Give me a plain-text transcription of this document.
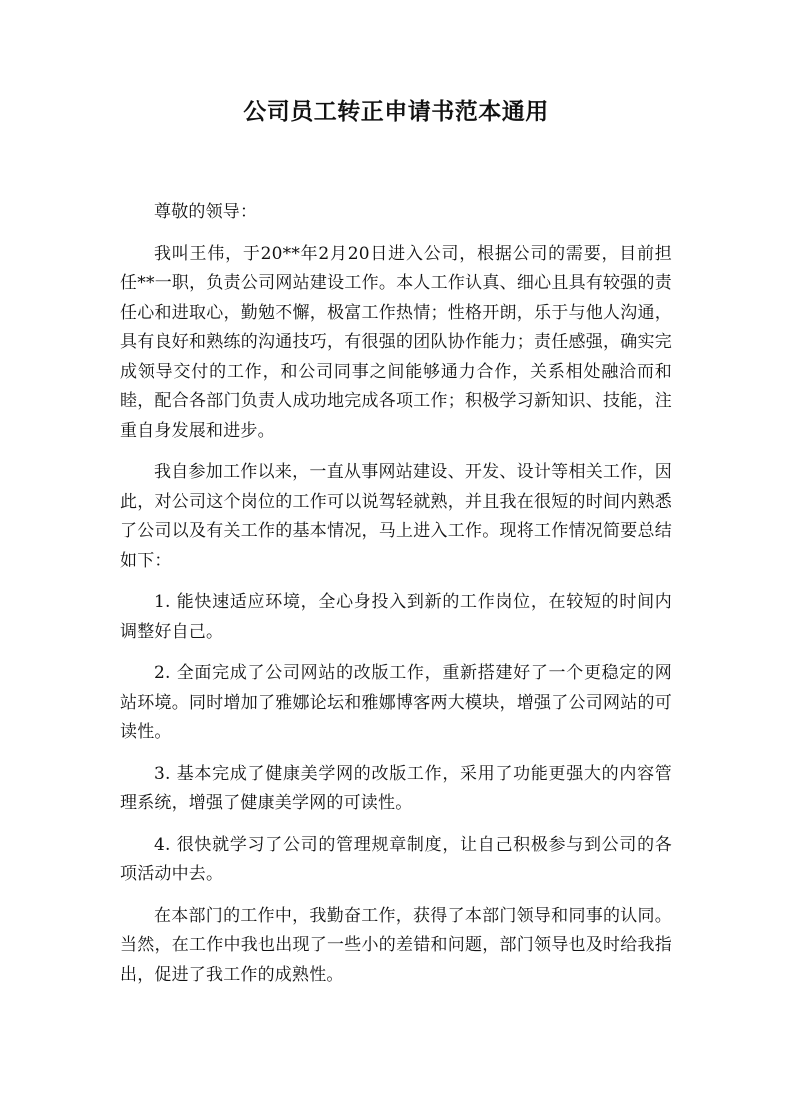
公司员工转正申请书范本通用

尊敬的领导：

我叫王伟，于20**年2月20日进入公司，根据公司的需要，目前担任**一职，负责公司网站建设工作。本人工作认真、细心且具有较强的责任心和进取心，勤勉不懈，极富工作热情；性格开朗，乐于与他人沟通，具有良好和熟练的沟通技巧，有很强的团队协作能力；责任感强，确实完成领导交付的工作，和公司同事之间能够通力合作，关系相处融洽而和睦，配合各部门负责人成功地完成各项工作；积极学习新知识、技能，注重自身发展和进步。

我自参加工作以来，一直从事网站建设、开发、设计等相关工作，因此，对公司这个岗位的工作可以说驾轻就熟，并且我在很短的时间内熟悉了公司以及有关工作的基本情况，马上进入工作。现将工作情况简要总结如下：

1. 能快速适应环境，全心身投入到新的工作岗位，在较短的时间内调整好自己。

2. 全面完成了公司网站的改版工作，重新搭建好了一个更稳定的网站环境。同时增加了雅娜论坛和雅娜博客两大模块，增强了公司网站的可读性。

3. 基本完成了健康美学网的改版工作，采用了功能更强大的内容管理系统，增强了健康美学网的可读性。

4. 很快就学习了公司的管理规章制度，让自己积极参与到公司的各项活动中去。

在本部门的工作中，我勤奋工作，获得了本部门领导和同事的认同。当然，在工作中我也出现了一些小的差错和问题，部门领导也及时给我指出，促进了我工作的成熟性。
